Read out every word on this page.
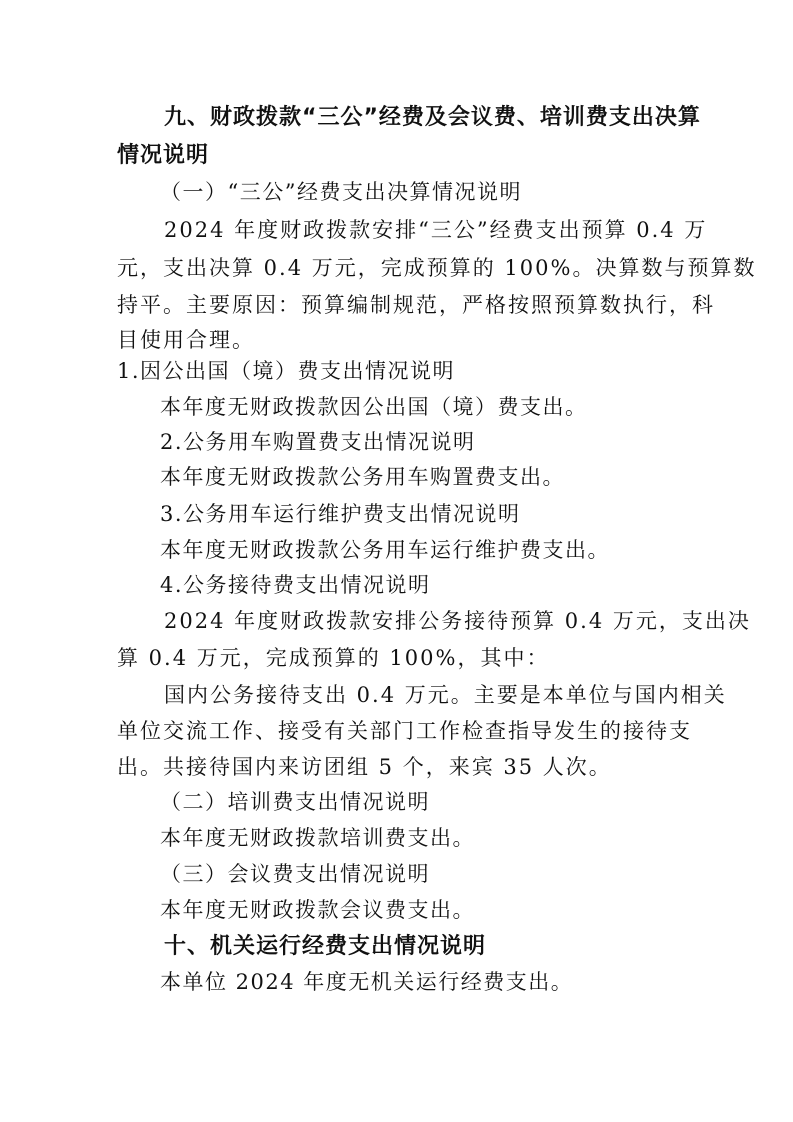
九、财政拨款“三公”经费及会议费、培训费支出决算
情况说明
（一）“三公”经费支出决算情况说明
2024 年度财政拨款安排“三公”经费支出预算 0.4 万
元，支出决算 0.4 万元，完成预算的 100%。决算数与预算数
持平。主要原因：预算编制规范，严格按照预算数执行，科
目使用合理。
1.因公出国（境）费支出情况说明
本年度无财政拨款因公出国（境）费支出。
2.公务用车购置费支出情况说明
本年度无财政拨款公务用车购置费支出。
3.公务用车运行维护费支出情况说明
本年度无财政拨款公务用车运行维护费支出。
4.公务接待费支出情况说明
2024 年度财政拨款安排公务接待预算 0.4 万元，支出决
算 0.4 万元，完成预算的 100%，其中：
国内公务接待支出 0.4 万元。主要是本单位与国内相关
单位交流工作、接受有关部门工作检查指导发生的接待支
出。共接待国内来访团组 5 个，来宾 35 人次。
（二）培训费支出情况说明
本年度无财政拨款培训费支出。
（三）会议费支出情况说明
本年度无财政拨款会议费支出。
十、机关运行经费支出情况说明
本单位 2024 年度无机关运行经费支出。
